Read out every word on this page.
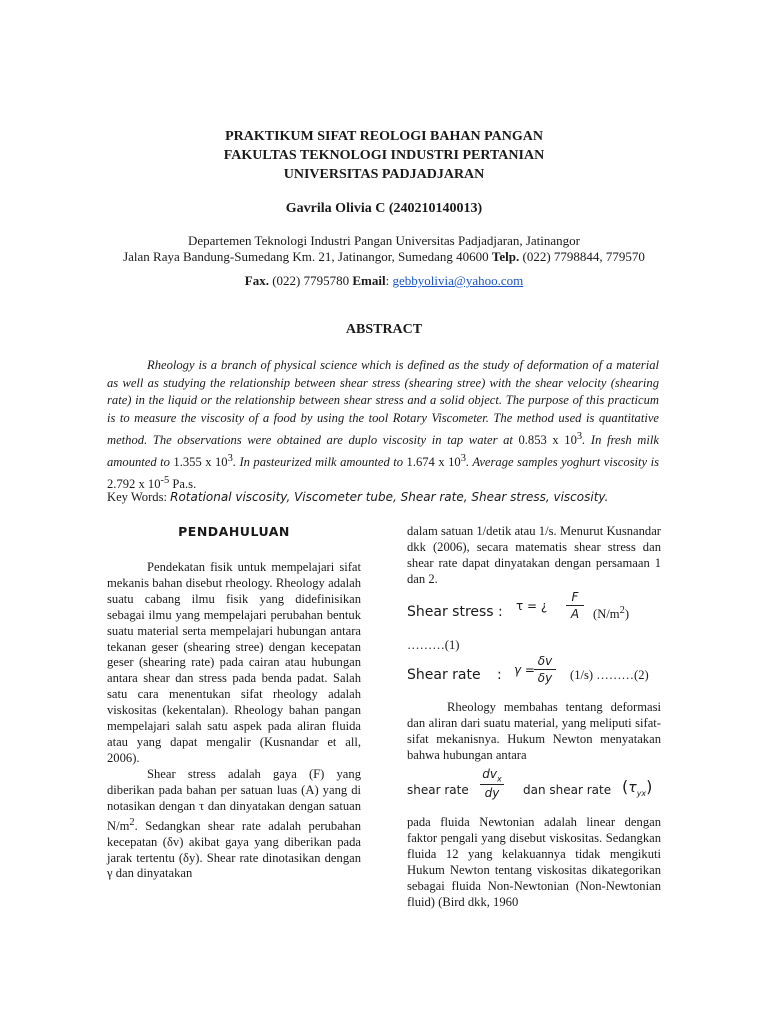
PRAKTIKUM SIFAT REOLOGI BAHAN PANGAN
FAKULTAS TEKNOLOGI INDUSTRI PERTANIAN
UNIVERSITAS PADJADJARAN
Gavrila Olivia C (240210140013)
Departemen Teknologi Industri Pangan Universitas Padjadjaran, Jatinangor
Jalan Raya Bandung-Sumedang Km. 21, Jatinangor, Sumedang 40600 Telp. (022) 7798844, 779570
Fax. (022) 7795780 Email: gebbyolivia@yahoo.com
ABSTRACT
Rheology is a branch of physical science which is defined as the study of deformation of a material as well as studying the relationship between shear stress (shearing stree) with the shear velocity (shearing rate) in the liquid or the relationship between shear stress and a solid object. The purpose of this practicum is to measure the viscosity of a food by using the tool Rotary Viscometer. The method used is quantitative method. The observations were obtained are duplo viscosity in tap water at 0.853 x $10^3$. In fresh milk amounted to 1.355 x $10^3$. In pasteurized milk amounted to 1.674 x $10^3$. Average samples yoghurt viscosity is 2.792 x $10^{-5}$ Pa.s.
Key Words: Rotational viscosity, Viscometer tube, Shear rate, Shear stress, viscosity.
PENDAHULUAN

Pendekatan fisik untuk mempelajari sifat mekanis bahan disebut rheology. Rheology adalah suatu cabang ilmu fisik yang didefinisikan sebagai ilmu yang mempelajari perubahan bentuk suatu material serta mempelajari hubungan antara tekanan geser (shearing stree) dengan kecepatan geser (shearing rate) pada cairan atau hubungan antara shear dan stress pada benda padat. Salah satu cara menentukan sifat rheology adalah viskositas (kekentalan). Rheology bahan pangan mempelajari salah satu aspek pada aliran fluida atau yang dapat mengalir (Kusnandar et all, 2006).

Shear stress adalah gaya (F) yang diberikan pada bahan per satuan luas (A) yang di notasikan dengan τ dan dinyatakan dengan satuan $N/m^2$. Sedangkan shear rate adalah perubahan kecepatan (δv) akibat gaya yang diberikan pada jarak tertentu (δy). Shear rate dinotasikan dengan γ dan dinyatakan

dalam satuan 1/detik atau 1/s. Menurut Kusnandar dkk (2006), secara matematis shear stress dan shear rate dapat dinyatakan dengan persamaan 1 dan 2.

Shear stress : τ = ¿
F
A	$(N/m^2)$
………(1)
Shear rate : γ =
δv
δy	(1/s) ………(2)

Rheology membahas tentang deformasi dan aliran dari suatu material, yang meliputi sifat-sifat mekanisnya. Hukum Newton menyatakan bahwa hubungan antara

shear rate
$dv_x$
dy	dan shear rate $(\tau_{yx})$

pada fluida Newtonian adalah linear dengan faktor pengali yang disebut viskositas. Sedangkan fluida 12 yang kelakuannya tidak mengikuti Hukum Newton tentang viskositas dikategorikan sebagai fluida Non-Newtonian (Non-Newtonian fluid) (Bird dkk, 1960
